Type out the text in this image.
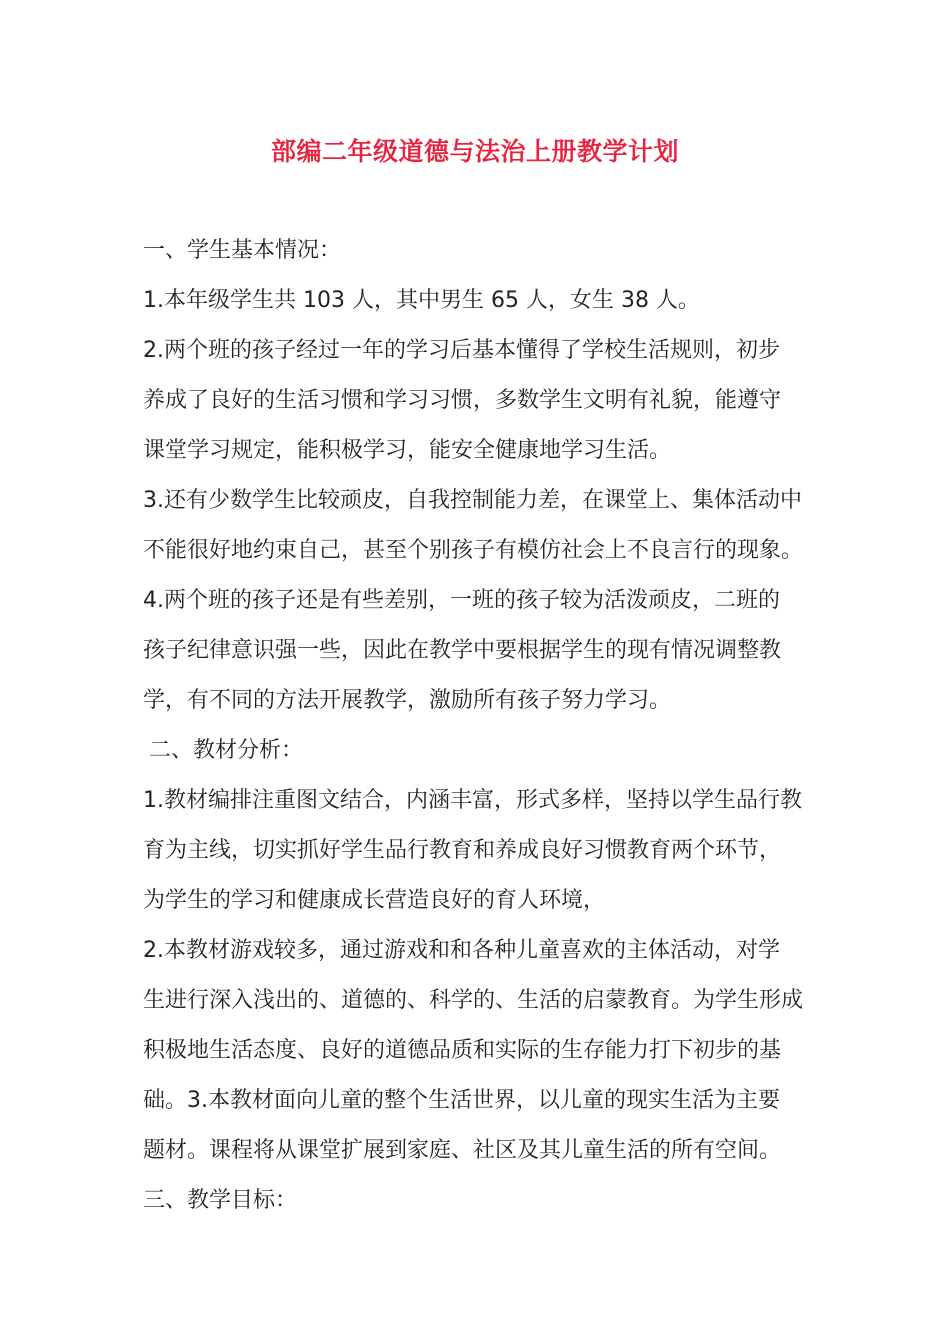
部编二年级道德与法治上册教学计划

一、学生基本情况：

1.本年级学生共 103 人，其中男生 65 人，女生 38 人。

2.两个班的孩子经过一年的学习后基本懂得了学校生活规则，初步

养成了良好的生活习惯和学习习惯，多数学生文明有礼貌，能遵守

课堂学习规定，能积极学习，能安全健康地学习生活。

3.还有少数学生比较顽皮，自我控制能力差，在课堂上、集体活动中

不能很好地约束自己，甚至个别孩子有模仿社会上不良言行的现象。

4.两个班的孩子还是有些差别，一班的孩子较为活泼顽皮，二班的

孩子纪律意识强一些，因此在教学中要根据学生的现有情况调整教

学，有不同的方法开展教学，激励所有孩子努力学习。

二、教材分析：

1.教材编排注重图文结合，内涵丰富，形式多样，坚持以学生品行教

育为主线，切实抓好学生品行教育和养成良好习惯教育两个环节，

为学生的学习和健康成长营造良好的育人环境，

2.本教材游戏较多，通过游戏和和各种儿童喜欢的主体活动，对学

生进行深入浅出的、道德的、科学的、生活的启蒙教育。为学生形成

积极地生活态度、良好的道德品质和实际的生存能力打下初步的基

础。3.本教材面向儿童的整个生活世界，以儿童的现实生活为主要

题材。课程将从课堂扩展到家庭、社区及其儿童生活的所有空间。

三、教学目标：
